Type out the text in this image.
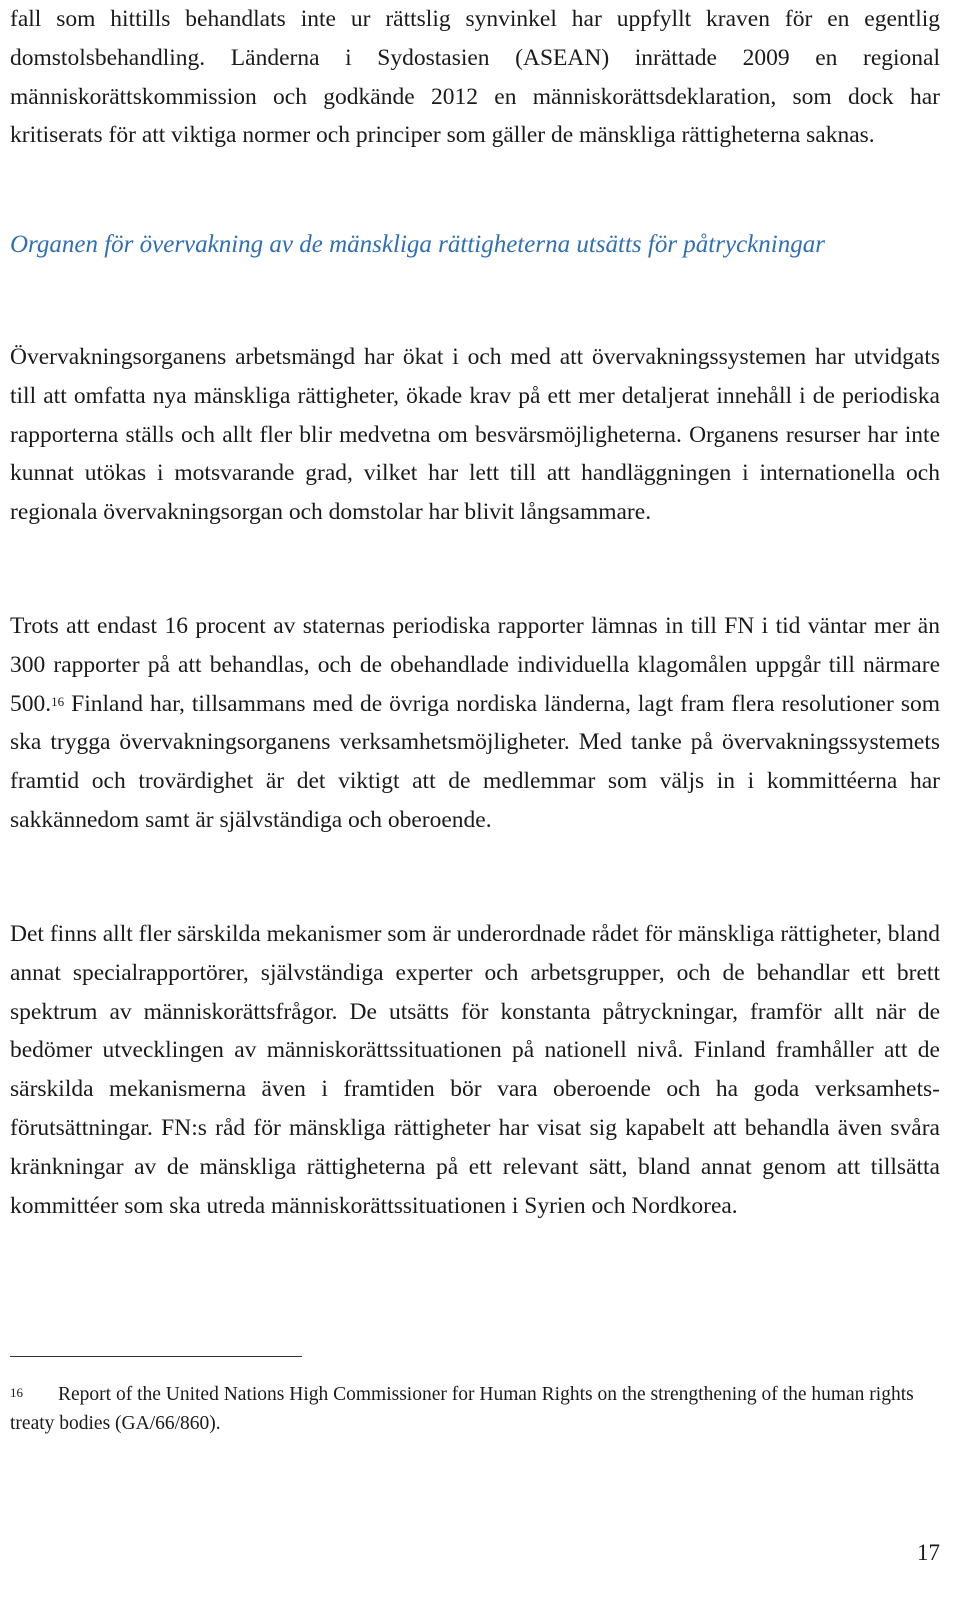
fall som hittills behandlats inte ur rättslig synvinkel har uppfyllt kraven för en egentlig domstolsbehandling. Länderna i Sydostasien (ASEAN) inrättade 2009 en regional människorättskommission och godkände 2012 en människorättsdeklaration, som dock har kritiserats för att viktiga normer och principer som gäller de mänskliga rättigheterna saknas.

Organen för övervakning av de mänskliga rättigheterna utsätts för påtryckningar

Övervakningsorganens arbetsmängd har ökat i och med att övervakningssystemen har utvidgats till att omfatta nya mänskliga rättigheter, ökade krav på ett mer detaljerat innehåll i de periodiska rapporterna ställs och allt fler blir medvetna om besvärsmöjligheterna. Organens resurser har inte kunnat utökas i motsvarande grad, vilket har lett till att handläggningen i internationella och regionala övervakningsorgan och domstolar har blivit långsammare.

Trots att endast 16 procent av staternas periodiska rapporter lämnas in till FN i tid väntar mer än 300 rapporter på att behandlas, och de obehandlade individuella klagomålen uppgår till närmare 500.16 Finland har, tillsammans med de övriga nordiska länderna, lagt fram flera resolutioner som ska trygga övervakningsorganens verksamhetsmöjligheter. Med tanke på övervakningssystemets framtid och trovärdighet är det viktigt att de medlemmar som väljs in i kommittéerna har sakkännedom samt är självständiga och oberoende.

Det finns allt fler särskilda mekanismer som är underordnade rådet för mänskliga rättigheter, bland annat specialrapportörer, självständiga experter och arbetsgrupper, och de behandlar ett brett spektrum av människorättsfrågor. De utsätts för konstanta påtryckningar, framför allt när de bedömer utvecklingen av människorättssituationen på nationell nivå. Finland framhåller att de särskilda mekanismerna även i framtiden bör vara oberoende och ha goda verksamhetsförutsättningar. FN:s råd för mänskliga rättigheter har visat sig kapabelt att behandla även svåra kränkningar av de mänskliga rättigheterna på ett relevant sätt, bland annat genom att tillsätta kommittéer som ska utreda människorättssituationen i Syrien och Nordkorea.

16 Report of the United Nations High Commissioner for Human Rights on the strengthening of the human rights treaty bodies (GA/66/860).
17
